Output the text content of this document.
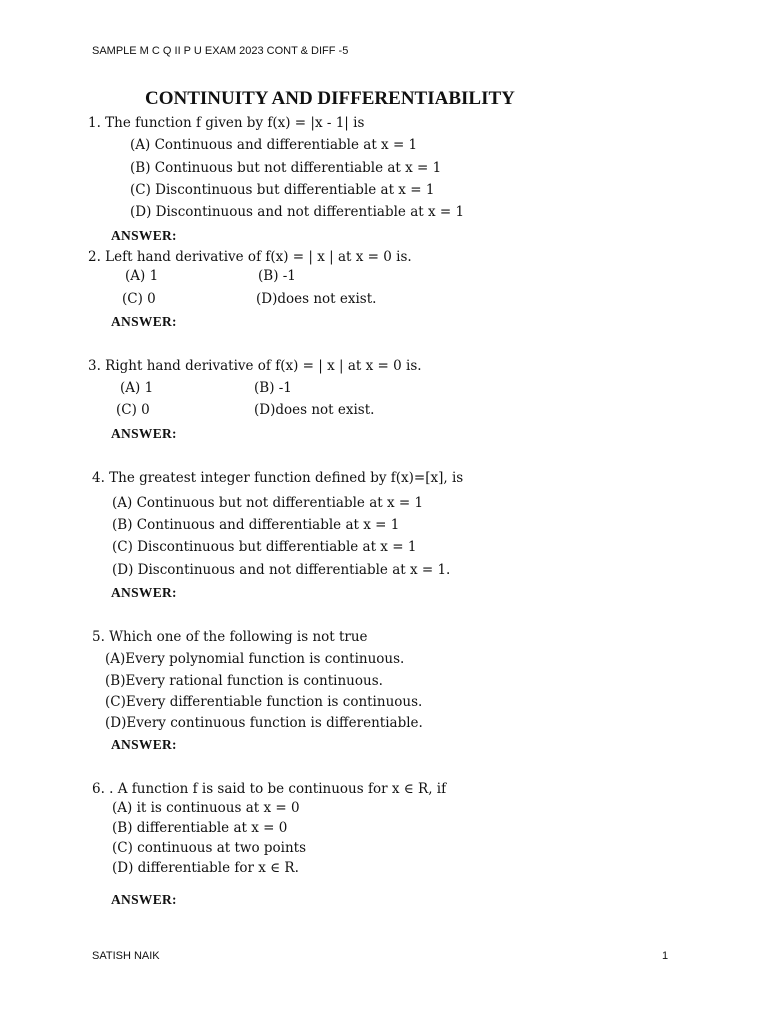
SAMPLE M C Q II P U EXAM 2023 CONT & DIFF -5
CONTINUITY AND DIFFERENTIABILITY
1. The function f given by f(x) = |x - 1| is
(A) Continuous and differentiable at x = 1
(B) Continuous but not differentiable at x = 1
(C) Discontinuous but differentiable at x = 1
(D) Discontinuous and not differentiable at x = 1
ANSWER:
2. Left hand derivative of f(x) = | x | at x = 0 is.
(A) 1	(B) -1
(C) 0	(D)does not exist.
ANSWER:
3. Right hand derivative of f(x) = | x | at x = 0 is.
(A) 1	(B) -1
(C) 0	(D)does not exist.
ANSWER:
4. The greatest integer function defined by f(x)=[x], is
(A) Continuous but not differentiable at x = 1
(B) Continuous and differentiable at x = 1
(C) Discontinuous but differentiable at x = 1
(D) Discontinuous and not differentiable at x = 1.
ANSWER:
5. Which one of the following is not true
(A)Every polynomial function is continuous.
(B)Every rational function is continuous.
(C)Every differentiable function is continuous.
(D)Every continuous function is differentiable.
ANSWER:
6. . A function f is said to be continuous for x ∈ R, if
(A) it is continuous at x = 0
(B) differentiable at x = 0
(C) continuous at two points
(D) differentiable for x ∈ R.
ANSWER:
SATISH NAIK	1
